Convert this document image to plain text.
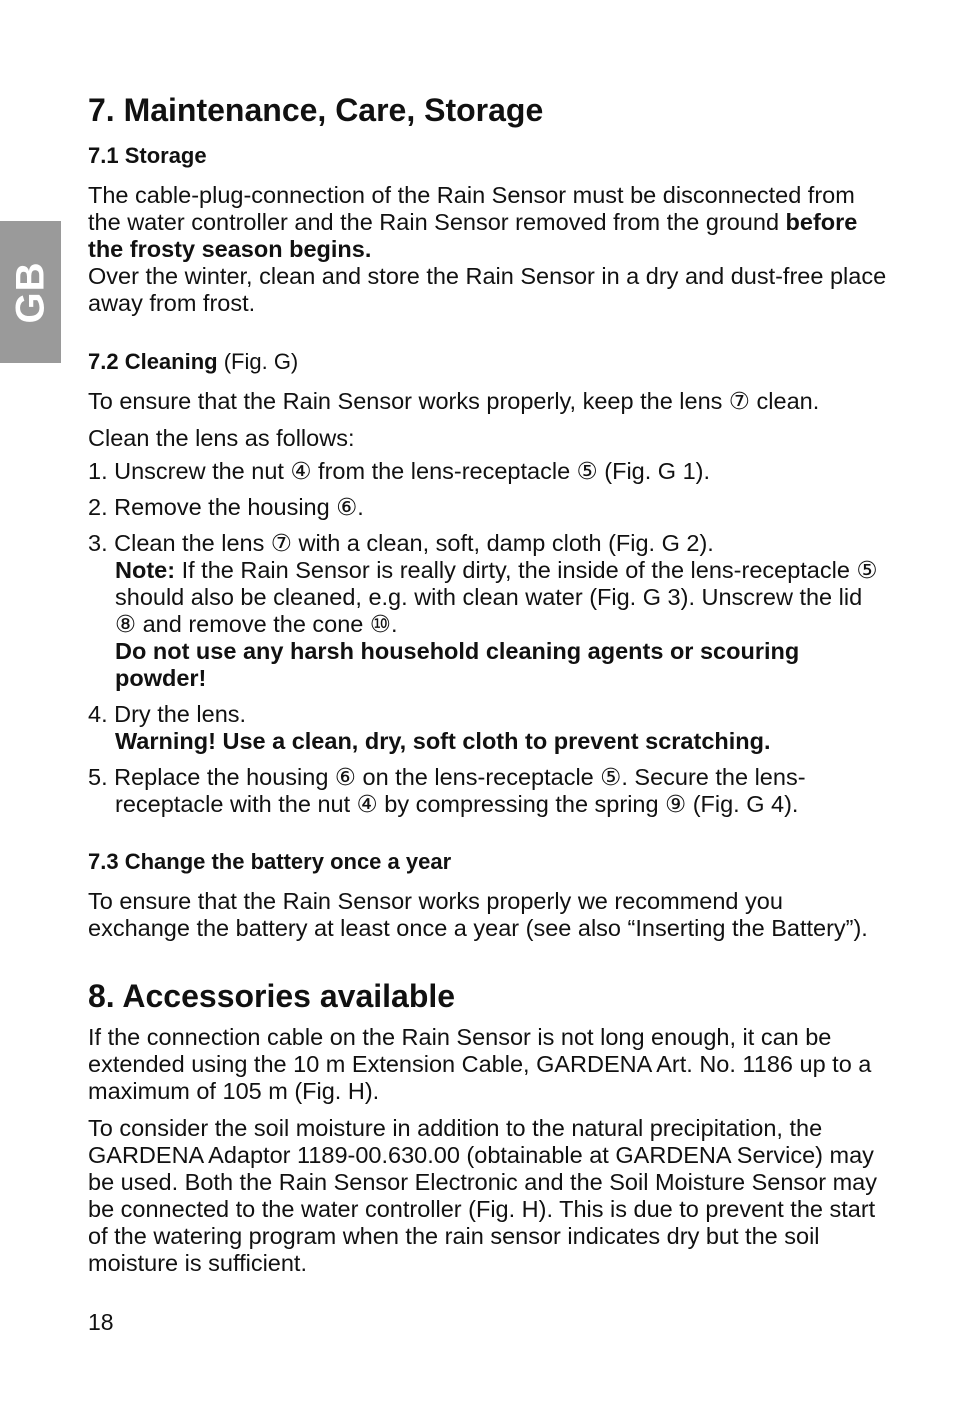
GB
7. Maintenance, Care, Storage
7.1 Storage

The cable-plug-connection of the Rain Sensor must be disconnected from the water controller and the Rain Sensor removed from the ground before the frosty season begins.
Over the winter, clean and store the Rain Sensor in a dry and dust-free place away from frost.

7.2 Cleaning (Fig. G)

To ensure that the Rain Sensor works properly, keep the lens ⑦ clean.

Clean the lens as follows:

1. Unscrew the nut ④ from the lens-receptacle ⑤ (Fig. G 1).
2. Remove the housing ⑥.
3. Clean the lens ⑦ with a clean, soft, damp cloth (Fig. G 2).
Note: If the Rain Sensor is really dirty, the inside of the lens-receptacle ⑤ should also be cleaned, e.g. with clean water (Fig. G 3). Unscrew the lid ⑧ and remove the cone ⑩.
Do not use any harsh household cleaning agents or scouring powder!
4. Dry the lens.
Warning! Use a clean, dry, soft cloth to prevent scratching.
5. Replace the housing ⑥ on the lens-receptacle ⑤. Secure the lens-receptacle with the nut ④ by compressing the spring ⑨ (Fig. G 4).
7.3 Change the battery once a year

To ensure that the Rain Sensor works properly we recommend you exchange the battery at least once a year (see also “Inserting the Battery”).

8. Accessories available

If the connection cable on the Rain Sensor is not long enough, it can be extended using the 10 m Extension Cable, GARDENA Art. No. 1186 up to a maximum of 105 m (Fig. H).

To consider the soil moisture in addition to the natural precipitation, the GARDENA Adaptor 1189-00.630.00 (obtainable at GARDENA Service) may be used. Both the Rain Sensor Electronic and the Soil Moisture Sensor may be connected to the water controller (Fig. H). This is due to prevent the start of the watering program when the rain sensor indicates dry but the soil moisture is sufficient.

18
